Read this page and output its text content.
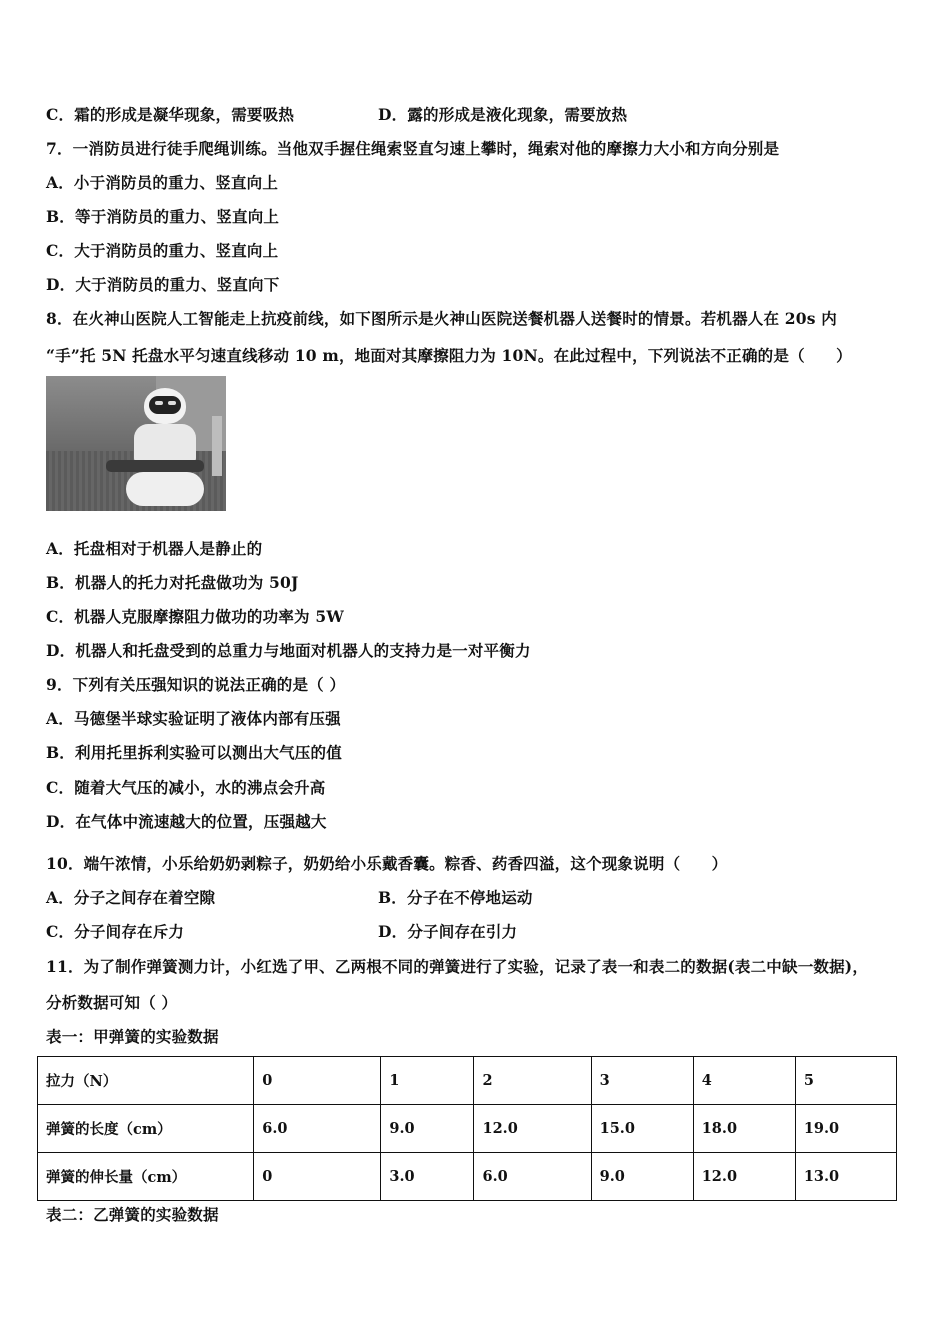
C．霜的形成是凝华现象，需要吸热	D．露的形成是液化现象，需要放热
7．一消防员进行徒手爬绳训练。当他双手握住绳索竖直匀速上攀时，绳索对他的摩擦力大小和方向分别是
A．小于消防员的重力、竖直向上
B．等于消防员的重力、竖直向上
C．大于消防员的重力、竖直向上
D．大于消防员的重力、竖直向下
8．在火神山医院人工智能走上抗疫前线，如下图所示是火神山医院送餐机器人送餐时的情景。若机器人在 20s 内
“手”托 5N 托盘水平匀速直线移动 10 m，地面对其摩擦阻力为 10N。在此过程中，下列说法不正确的是（　　）
A．托盘相对于机器人是静止的
B．机器人的托力对托盘做功为 50J
C．机器人克服摩擦阻力做功的功率为 5W
D．机器人和托盘受到的总重力与地面对机器人的支持力是一对平衡力
9．下列有关压强知识的说法正确的是（ ）
A．马德堡半球实验证明了液体内部有压强
B．利用托里拆利实验可以测出大气压的值
C．随着大气压的减小，水的沸点会升高
D．在气体中流速越大的位置，压强越大
10．端午浓情，小乐给奶奶剥粽子，奶奶给小乐戴香囊。粽香、药香四溢，这个现象说明（　　）
A．分子之间存在着空隙	B．分子在不停地运动
C．分子间存在斥力	D．分子间存在引力
11．为了制作弹簧测力计，小红选了甲、乙两根不同的弹簧进行了实验，记录了表一和表二的数据(表二中缺一数据)，
分析数据可知（ ）
表一：甲弹簧的实验数据
拉力（N）	0	1	2	3	4	5
弹簧的长度（cm）	6.0	9.0	12.0	15.0	18.0	19.0
弹簧的伸长量（cm）	0	3.0	6.0	9.0	12.0	13.0
表二：乙弹簧的实验数据
